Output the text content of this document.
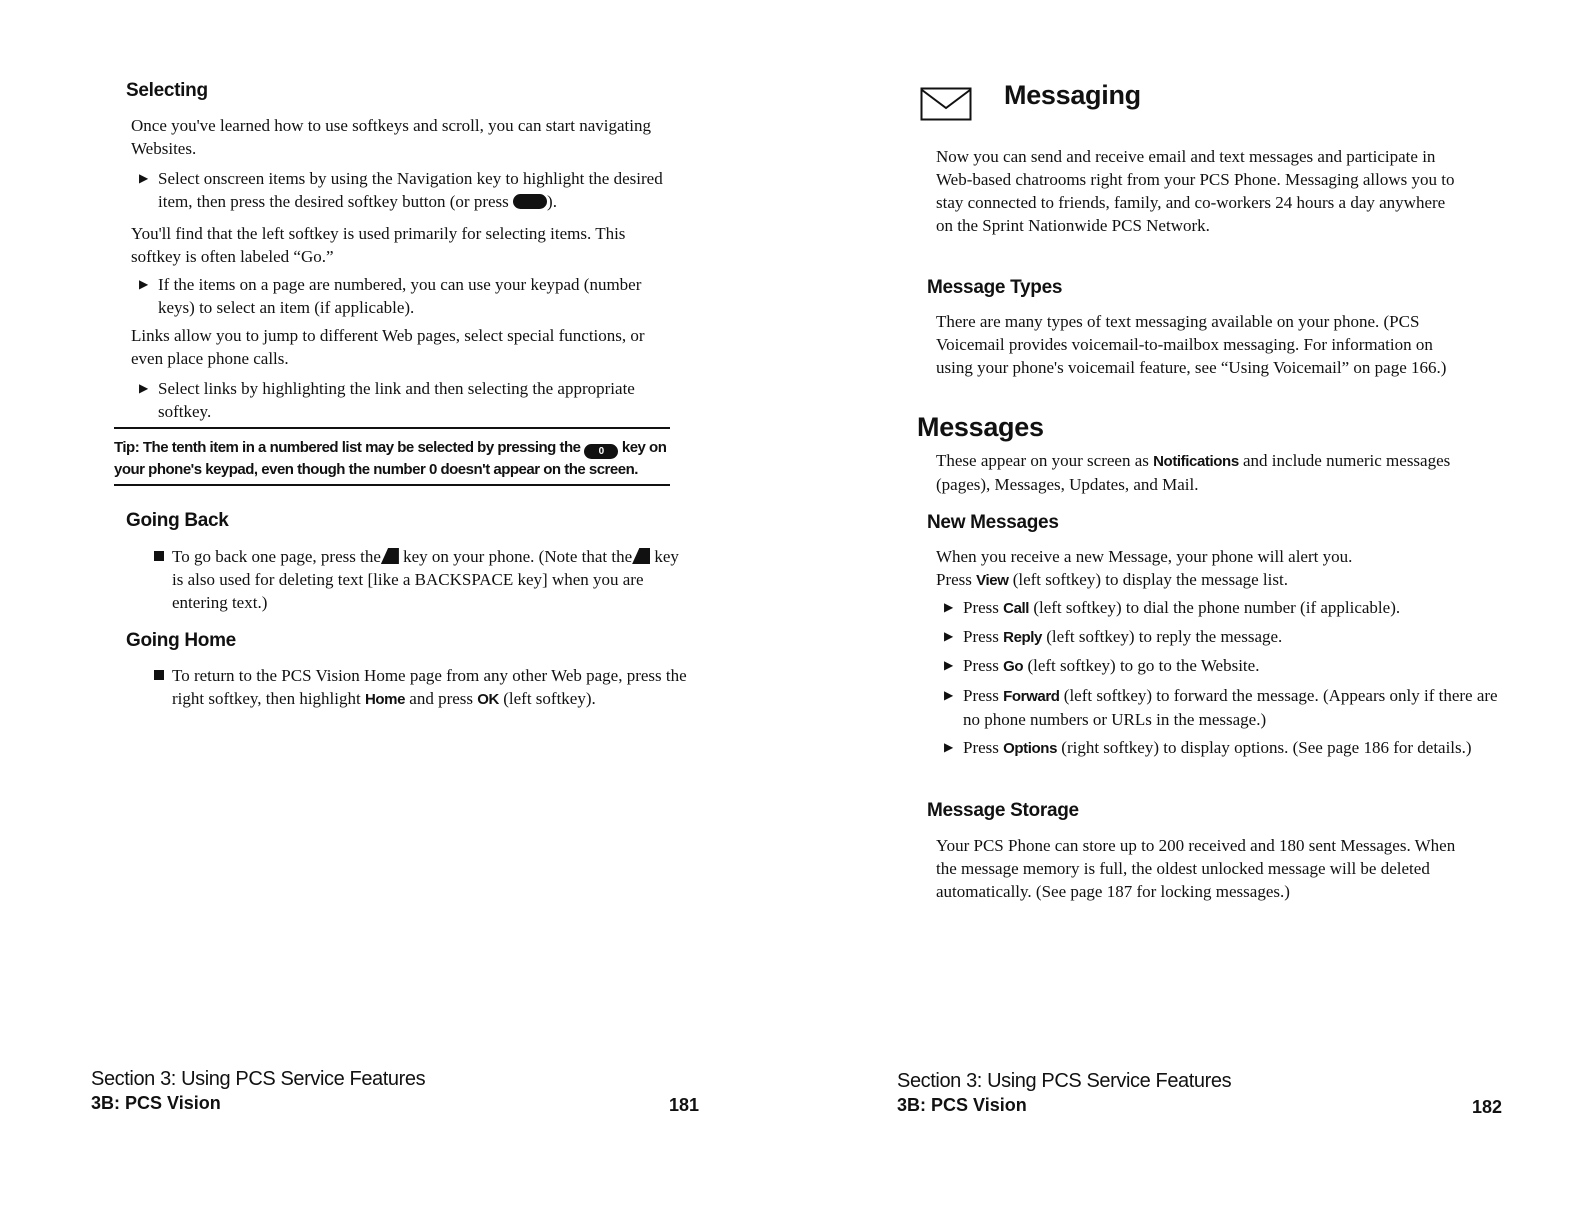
Selecting

Once you've learned how to use softkeys and scroll, you can start navigating Websites.

▶ Select onscreen items by using the Navigation key to highlight the desired item, then press the desired softkey button (or press ).

You'll find that the left softkey is used primarily for selecting items. This softkey is often labeled “Go.”

▶ If the items on a page are numbered, you can use your keypad (number keys) to select an item (if applicable).

Links allow you to jump to different Web pages, select special functions, or even place phone calls.

▶ Select links by highlighting the link and then selecting the appropriate softkey.
Tip: The tenth item in a numbered list may be selected by pressing the 0 key on your phone's keypad, even though the number 0 doesn't appear on the screen.
Going Back
To go back one page, press the key on your phone. (Note that the key is also used for deleting text [like a BACKSPACE key] when you are entering text.)
Going Home
To return to the PCS Vision Home page from any other Web page, press the right softkey, then highlight Home and press OK (left softkey).
Section 3: Using PCS Service Features
3B: PCS Vision	181
Messaging

Now you can send and receive email and text messages and participate in Web-based chatrooms right from your PCS Phone. Messaging allows you to stay connected to friends, family, and co-workers 24 hours a day anywhere on the Sprint Nationwide PCS Network.

Message Types

There are many types of text messaging available on your phone. (PCS Voicemail provides voicemail-to-mailbox messaging. For information on using your phone's voicemail feature, see “Using Voicemail” on page 166.)

Messages

These appear on your screen as Notifications and include numeric messages (pages), Messages, Updates, and Mail.

New Messages

When you receive a new Message, your phone will alert you.

Press View (left softkey) to display the message list.

▶ Press Call (left softkey) to dial the phone number (if applicable).
▶ Press Reply (left softkey) to reply the message.
▶ Press Go (left softkey) to go to the Website.
▶ Press Forward (left softkey) to forward the message. (Appears only if there are no phone numbers or URLs in the message.)
▶ Press Options (right softkey) to display options. (See page 186 for details.)
Message Storage

Your PCS Phone can store up to 200 received and 180 sent Messages. When the message memory is full, the oldest unlocked message will be deleted automatically. (See page 187 for locking messages.)

Section 3: Using PCS Service Features
3B: PCS Vision	182
